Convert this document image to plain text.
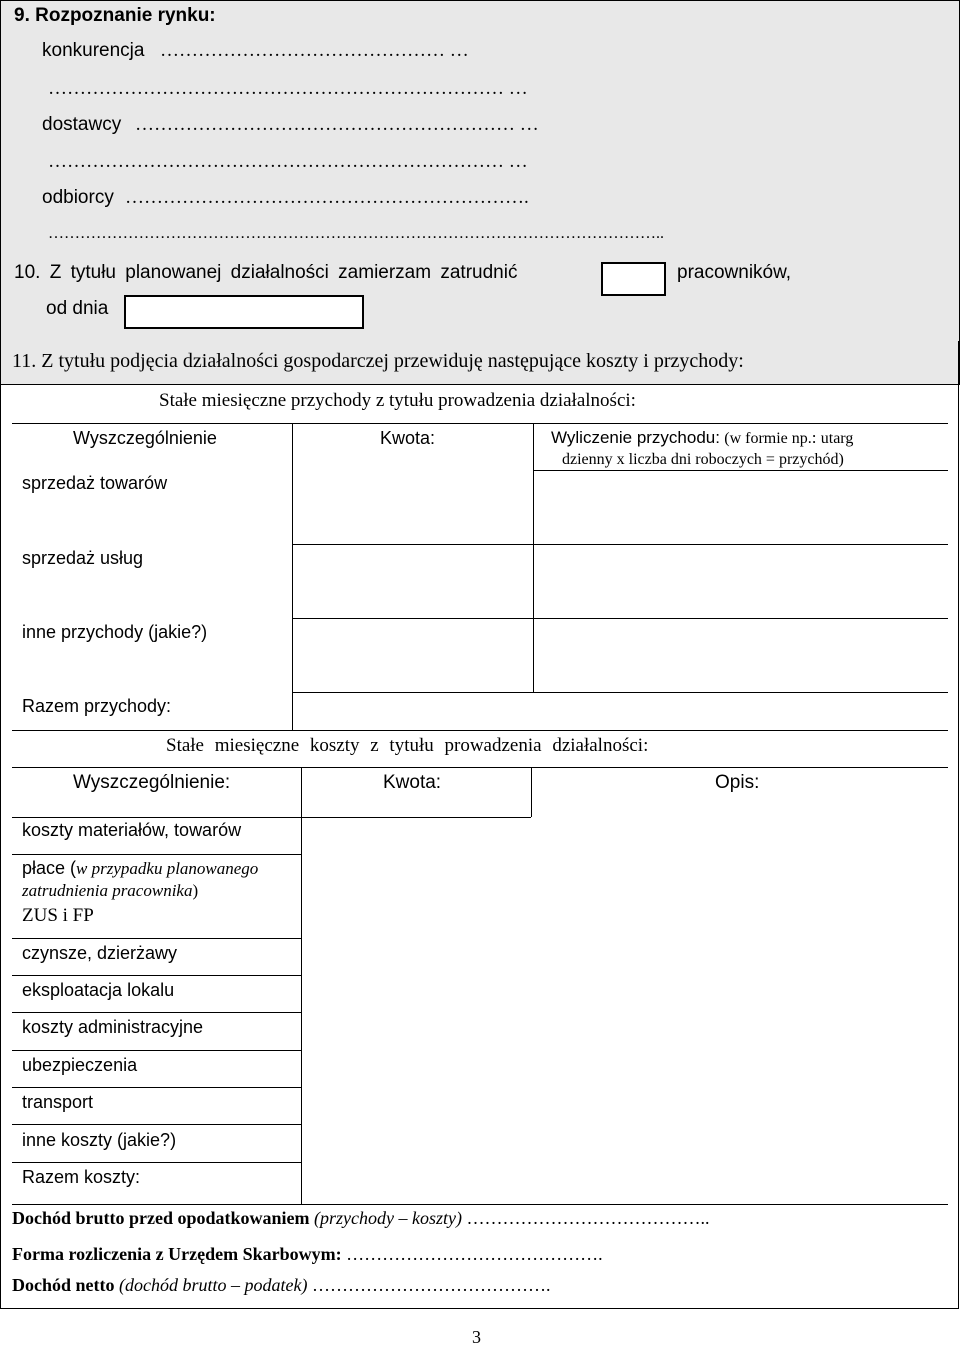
9. Rozpoznanie rynku:
konkurencja ……………………………………… …
……………………………………………………………… …
dostawcy …………………………………………………… …
……………………………………………………………… …
odbiorcy ……………………………………………………….
……………………………………………………………………………………………………..
10. Z tytułu planowanej działalności zamierzam zatrudnić	pracowników,
od dnia
11. Z tytułu podjęcia działalności gospodarczej przewiduję następujące koszty i przychody:
Stałe miesięczne przychody z tytułu prowadzenia działalności:
Wyszczególnienie	Kwota:	Wyliczenie przychodu: (w formie np.: utarg
dzienny x liczba dni roboczych = przychód)
sprzedaż towarów
sprzedaż usług
inne przychody (jakie?)
Razem przychody:
Stałe miesięczne koszty z tytułu prowadzenia działalności:
Wyszczególnienie:	Kwota:	Opis:
koszty materiałów, towarów
płace (w przypadku planowanego
zatrudnienia pracownika)
ZUS i FP
czynsze, dzierżawy
eksploatacja lokalu
koszty administracyjne
ubezpieczenia
transport
inne koszty (jakie?)
Razem koszty:
Dochód brutto przed opodatkowaniem (przychody – koszty) …………………………………..
Forma rozliczenia z Urzędem Skarbowym: …………………………………….
Dochód netto (dochód brutto – podatek) ………………………………….
3
